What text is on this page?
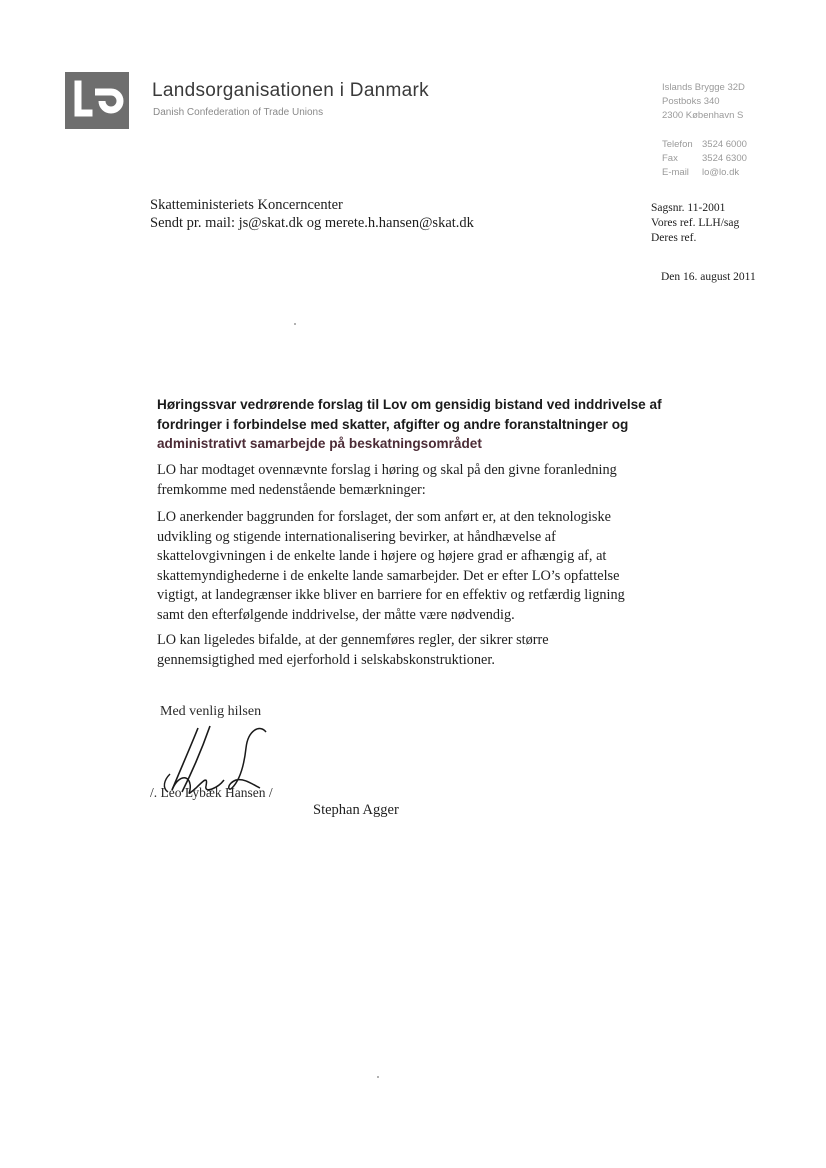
Landsorganisationen i Danmark
Danish Confederation of Trade Unions
Islands Brygge 32D
Postboks 340
2300 København S
Telefon 3524 6000
Fax	3524 6300
E-mail lo@lo.dk
Skatteministeriets Koncerncenter
Sendt pr. mail: js@skat.dk og merete.h.hansen@skat.dk
Sagsnr. 11-2001
Vores ref. LLH/sag
Deres ref.
Den 16. august 2011
Høringssvar vedrørende forslag til Lov om gensidig bistand ved inddrivelse af
fordringer i forbindelse med skatter, afgifter og andre foranstaltninger og
administrativt samarbejde på beskatningsområdet
LO har modtaget ovennævnte forslag i høring og skal på den givne foranledning
fremkomme med nedenstående bemærkninger:
LO anerkender baggrunden for forslaget, der som anført er, at den teknologiske
udvikling og stigende internationalisering bevirker, at håndhævelse af
skattelovgivningen i de enkelte lande i højere og højere grad er afhængig af, at
skattemyndighederne i de enkelte lande samarbejder. Det er efter LO’s opfattelse
vigtigt, at landegrænser ikke bliver en barriere for en effektiv og retfærdig ligning
samt den efterfølgende inddrivelse, der måtte være nødvendig.
LO kan ligeledes bifalde, at der gennemføres regler, der sikrer større
gennemsigtighed med ejerforhold i selskabskonstruktioner.
Med venlig hilsen
/. Leo Lybæk Hansen /
Stephan Agger
